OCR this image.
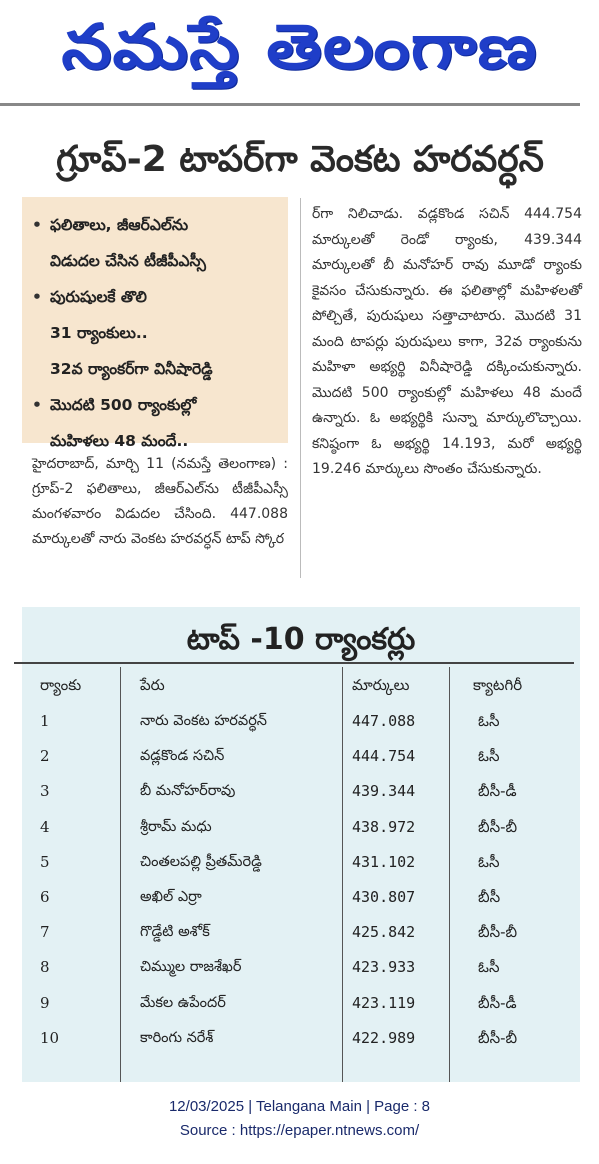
నమస్తే తెలంగాణ
గ్రూప్-2 టాపర్‌గా వెంకట హరవర్ధన్
• ఫలితాలు, జీఆర్‌ఎల్‌ను
విడుదల చేసిన టీజీపీఎస్సీ
• పురుషులకే తొలి
31 ర్యాంకులు..
32వ ర్యాంకర్‌గా వినీషారెడ్డి
• మొదటి 500 ర్యాంకుల్లో
మహిళలు 48 మందే..
హైదరాబాద్, మార్చి 11 (నమస్తే తెలంగాణ) : గ్రూప్-2 ఫలితాలు, జీఆర్‌ఎల్‌ను టీజీపీఎస్సీ మంగళవారం విడుదల చేసింది. 447.088 మార్కులతో నారు వెంకట హరవర్ధన్ టాప్ స్కోర
ర్‌గా నిలిచాడు. వడ్లకొండ సచిన్ 444.754 మార్కులతో రెండో ర్యాంకు, 439.344 మార్కులతో బీ మనోహర్ రావు మూడో ర్యాంకు కైవసం చేసుకున్నారు. ఈ ఫలితాల్లో మహిళలతో పోల్చితే, పురుషులు సత్తాచాటారు. మొదటి 31 మంది టాపర్లు పురుషులు కాగా, 32వ ర్యాంకును మహిళా అభ్యర్థి వినీషారెడ్డి దక్కించుకున్నారు. మొదటి 500 ర్యాంకుల్లో మహిళలు 48 మందే ఉన్నారు. ఓ అభ్యర్థికి సున్నా మార్కులొచ్చాయి. కనిష్ఠంగా ఓ అభ్యర్థి 14.193, మరో అభ్యర్థి 19.246 మార్కులు సొంతం చేసుకున్నారు.
టాప్ -10 ర్యాంకర్లు
ర్యాంకు	పేరు	మార్కులు	క్యాటగిరీ
1	నారు వెంకట హరవర్ధన్	447.088	ఓసీ
2	వడ్లకొండ సచిన్	444.754	ఓసీ
3	బీ మనోహర్‌రావు	439.344	బీసీ-డీ
4	శ్రీరామ్ మధు	438.972	బీసీ-బీ
5	చింతలపల్లి ప్రీతమ్‌రెడ్డి	431.102	ఓసీ
6	అఖిల్ ఎర్రా	430.807	బీసీ
7	గొడ్డేటి అశోక్	425.842	బీసీ-బీ
8	చిమ్ముల రాజశేఖర్	423.933	ఓసీ
9	మేకల ఉపేందర్	423.119	బీసీ-డీ
10	కారింగు నరేశ్	422.989	బీసీ-బీ
12/03/2025 | Telangana Main | Page : 8
Source : https://epaper.ntnews.com/
